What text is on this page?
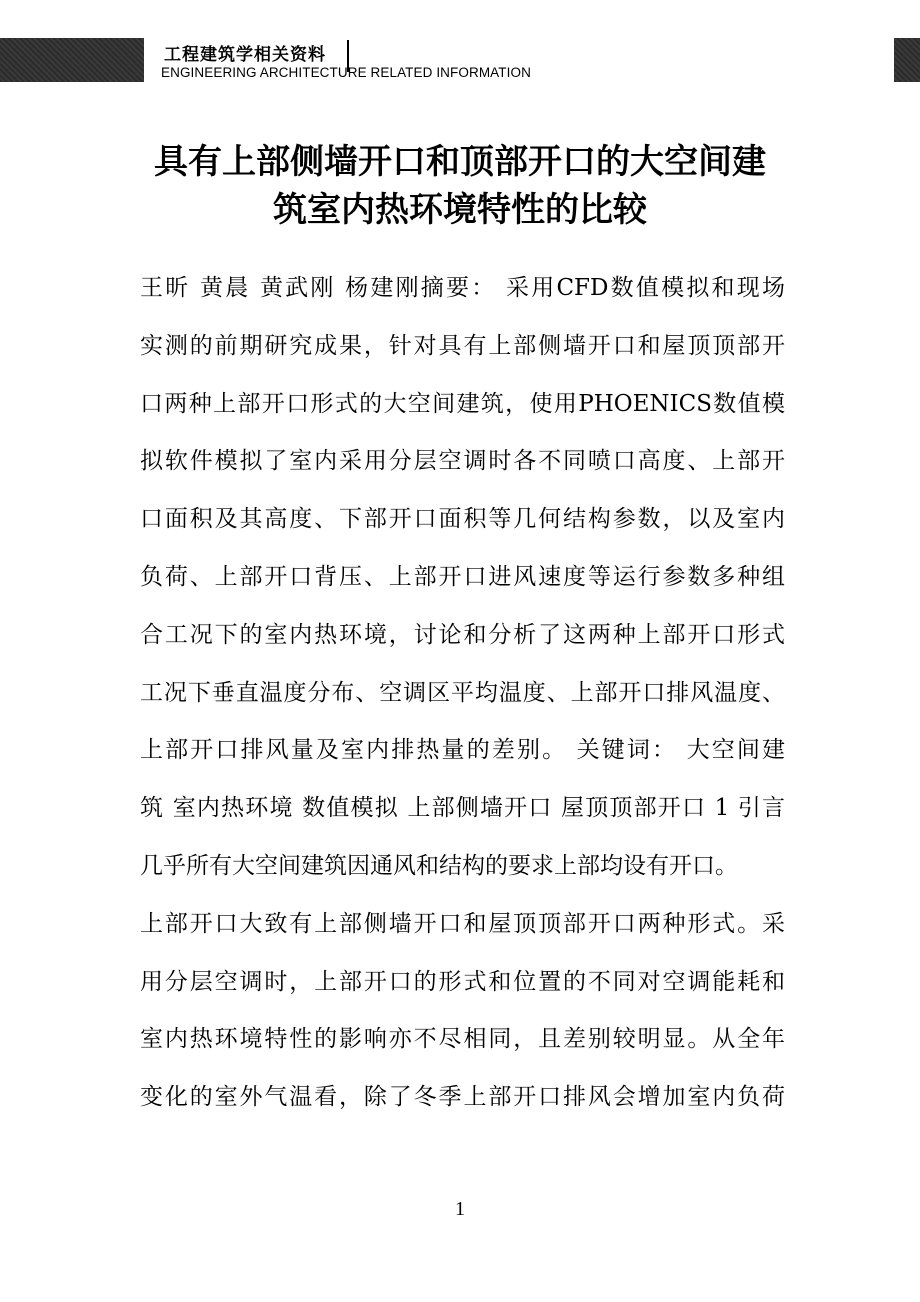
工程建筑学相关资料
ENGINEERING ARCHITECTURE RELATED INFORMATION
具有上部侧墙开口和顶部开口的大空间建
筑室内热环境特性的比较
王昕 黄晨 黄武刚 杨建刚摘要： 采用CFD数值模拟和现场
实测的前期研究成果，针对具有上部侧墙开口和屋顶顶部开
口两种上部开口形式的大空间建筑，使用PHOENICS数值模
拟软件模拟了室内采用分层空调时各不同喷口高度、上部开
口面积及其高度、下部开口面积等几何结构参数，以及室内
负荷、上部开口背压、上部开口进风速度等运行参数多种组
合工况下的室内热环境，讨论和分析了这两种上部开口形式
工况下垂直温度分布、空调区平均温度、上部开口排风温度、
上部开口排风量及室内排热量的差别。 关键词： 大空间建
筑 室内热环境 数值模拟 上部侧墙开口 屋顶顶部开口 1 引言
几乎所有大空间建筑因通风和结构的要求上部均设有开口。
上部开口大致有上部侧墙开口和屋顶顶部开口两种形式。采
用分层空调时，上部开口的形式和位置的不同对空调能耗和
室内热环境特性的影响亦不尽相同，且差别较明显。从全年
变化的室外气温看，除了冬季上部开口排风会增加室内负荷
1
